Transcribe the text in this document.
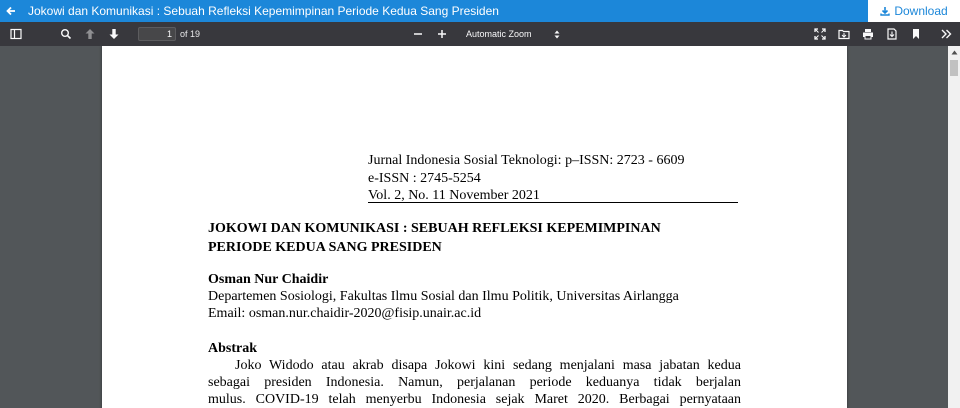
Jokowi dan Komunikasi : Sebuah Refleksi Kepemimpinan Periode Kedua Sang Presiden	Download
1 of 19	Automatic Zoom
Jurnal Indonesia Sosial Teknologi: p–ISSN: 2723 - 6609
e-ISSN : 2745-5254
Vol. 2, No. 11 November 2021
JOKOWI DAN KOMUNIKASI : SEBUAH REFLEKSI KEPEMIMPINAN
PERIODE KEDUA SANG PRESIDEN
Osman Nur Chaidir
Departemen Sosiologi, Fakultas Ilmu Sosial dan Ilmu Politik, Universitas Airlangga
Email: osman.nur.chaidir-2020@fisip.unair.ac.id
Abstrak
Joko Widodo atau akrab disapa Jokowi kini sedang menjalani masa jabatan kedua
sebagai presiden Indonesia. Namun, perjalanan periode keduanya tidak berjalan
mulus. COVID-19 telah menyerbu Indonesia sejak Maret 2020. Berbagai pernyataan
